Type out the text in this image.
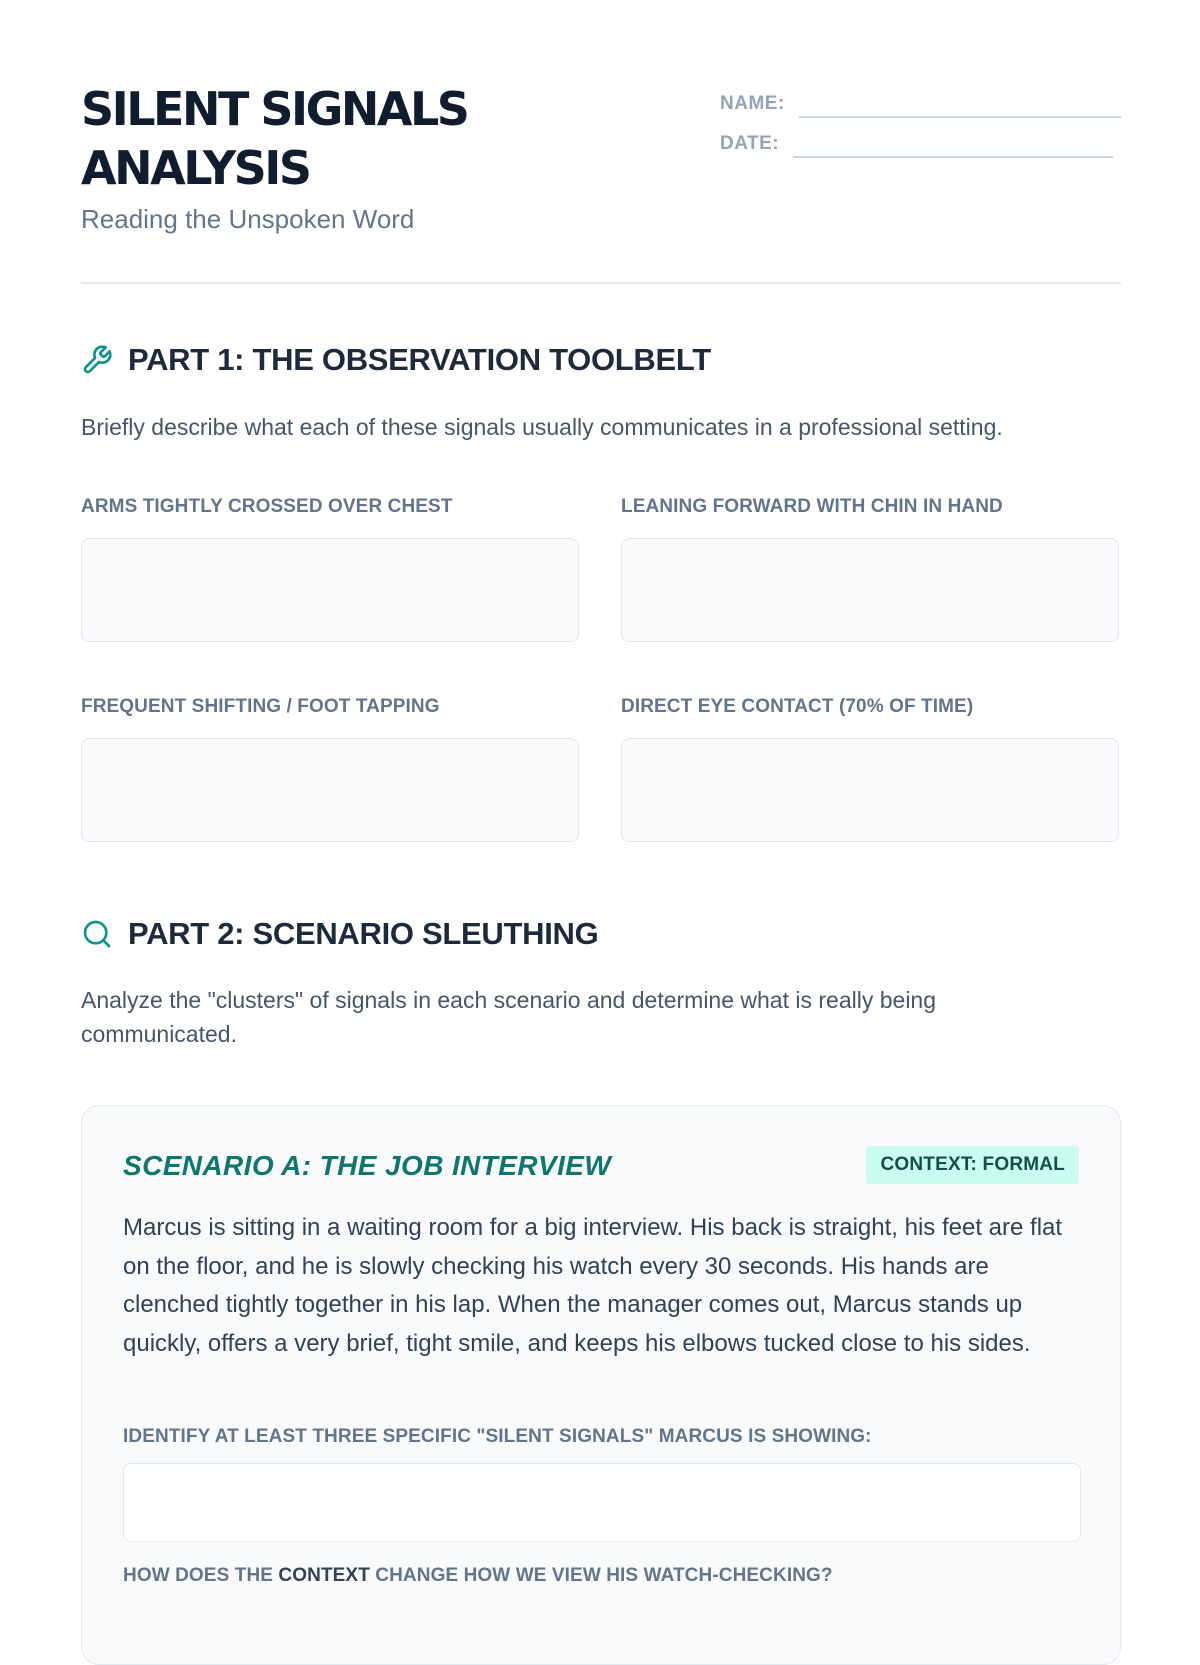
SILENT SIGNALS
ANALYSIS
Reading the Unspoken Word
NAME:
DATE:
PART 1: THE OBSERVATION TOOLBELT
Briefly describe what each of these signals usually communicates in a professional setting.
ARMS TIGHTLY CROSSED OVER CHEST	LEANING FORWARD WITH CHIN IN HAND
FREQUENT SHIFTING / FOOT TAPPING	DIRECT EYE CONTACT (70% OF TIME)
PART 2: SCENARIO SLEUTHING
Analyze the "clusters" of signals in each scenario and determine what is really being communicated.
SCENARIO A: THE JOB INTERVIEW	CONTEXT: FORMAL
Marcus is sitting in a waiting room for a big interview. His back is straight, his feet are flat on the floor, and he is slowly checking his watch every 30 seconds. His hands are clenched tightly together in his lap. When the manager comes out, Marcus stands up quickly, offers a very brief, tight smile, and keeps his elbows tucked close to his sides.
IDENTIFY AT LEAST THREE SPECIFIC "SILENT SIGNALS" MARCUS IS SHOWING:
HOW DOES THE CONTEXT CHANGE HOW WE VIEW HIS WATCH-CHECKING?
